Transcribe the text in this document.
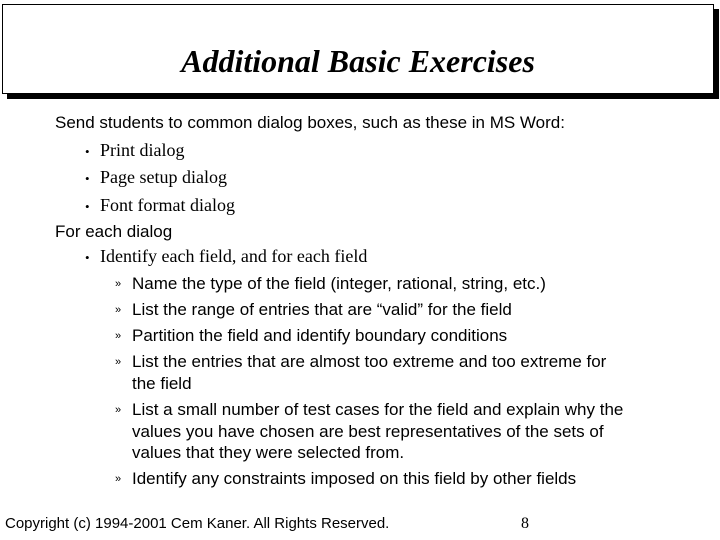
Additional Basic Exercises
Send students to common dialog boxes, such as these in MS Word:
• Print dialog
• Page setup dialog
• Font format dialog
For each dialog
• Identify each field, and for each field
» Name the type of the field (integer, rational, string, etc.)
» List the range of entries that are “valid” for the field
» Partition the field and identify boundary conditions
» List the entries that are almost too extreme and too extreme for
the field
» List a small number of test cases for the field and explain why the
values you have chosen are best representatives of the sets of
values that they were selected from.
» Identify any constraints imposed on this field by other fields
Copyright (c) 1994-2001 Cem Kaner. All Rights Reserved.	8
